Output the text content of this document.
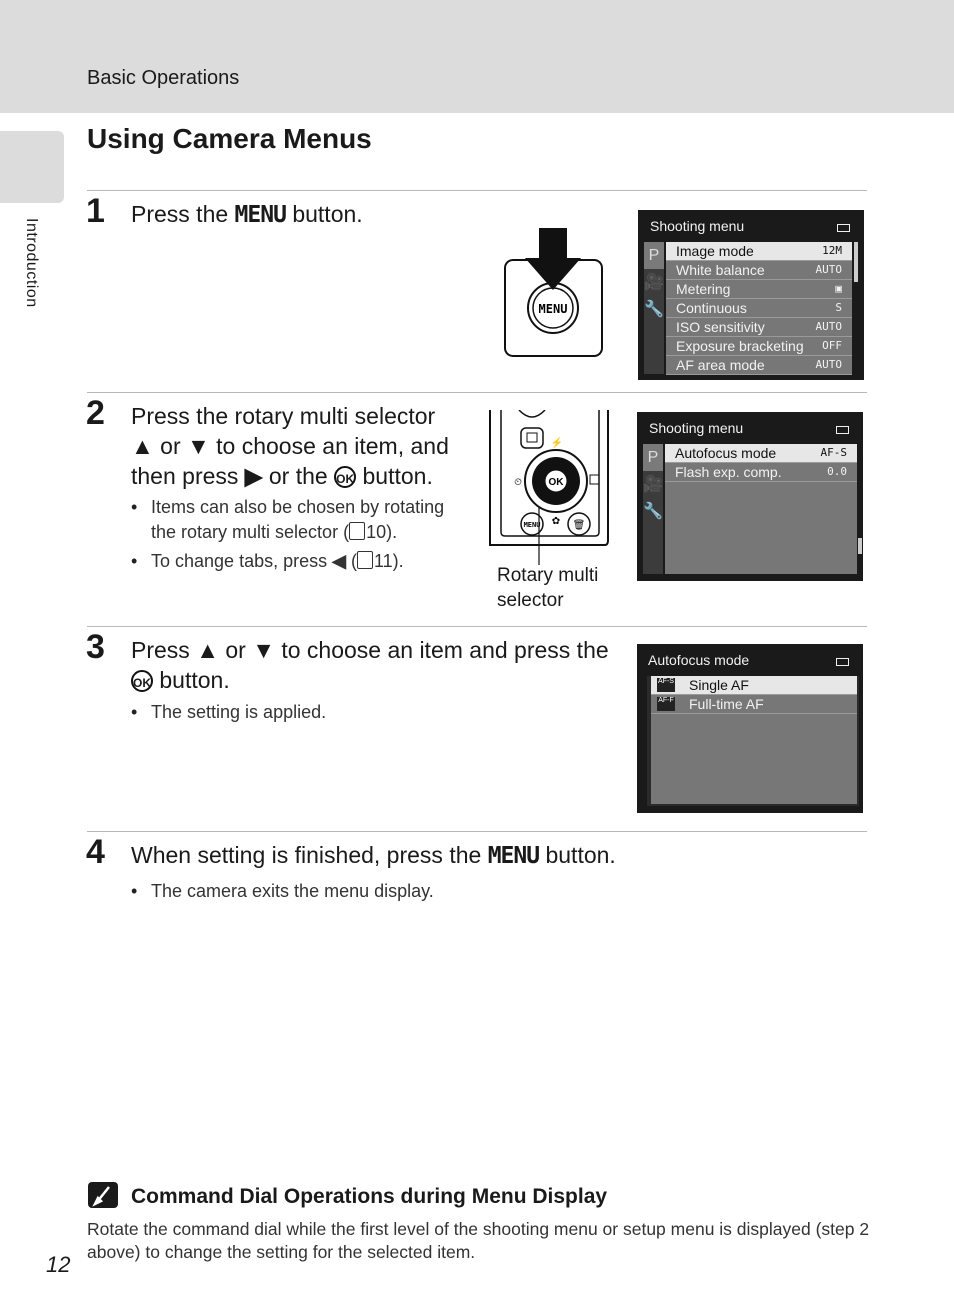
Basic Operations
Introduction
Using Camera Menus
1 Press the MENU button.
MENU
Shooting menu
P
🎥
🔧
Image mode	12M
White balance	AUTO
Metering	▣
Continuous	S
ISO sensitivity	AUTO
Exposure bracketing OFF
AF area mode	AUTO
2 Press the rotary multi selector
▲ or ▼ to choose an item, and
then press ▶ or the OK button.
• Items can also be chosen by rotating
the rotary multi selector ( 10).
• To change tabs, press ◀ ( 11).
⚡
OK
⏲
MENU	🗑
✿
Rotary multi
selector
Shooting menu
P
🎥
🔧
Autofocus mode	AF-S
Flash exp. comp.	0.0
3 Press ▲ or ▼ to choose an item and press the
OK button.
• The setting is applied.
Autofocus mode
AF-S Single AF
AF-F Full-time AF
4 When setting is finished, press the MENU button.
• The camera exits the menu display.
Command Dial Operations during Menu Display
Rotate the command dial while the first level of the shooting menu or setup menu is displayed (step 2 above) to change the setting for the selected item.
12
